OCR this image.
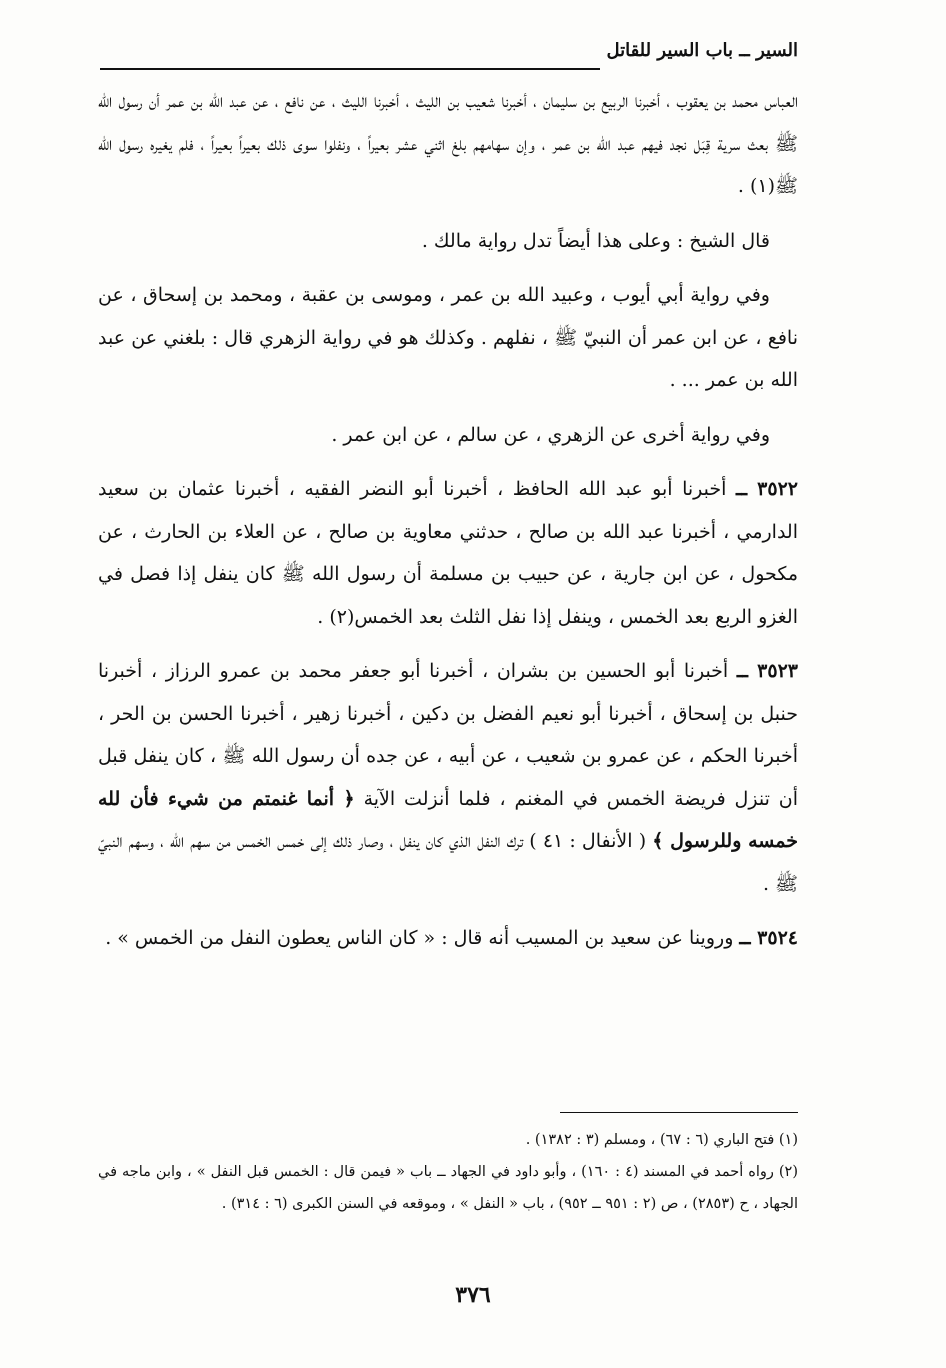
السير ــ باب السير للقاتل

العباس محمد بن يعقوب ، أخبرنا الربيع بن سليمان ، أخبرنا شعيب بن الليث ، أخبرنا الليث ، عن نافع ، عن عبد الله بن عمر أن رسول الله ﷺ بعث سرية قِبَل نجد فيهم عبد الله بن عمر ، وإن سهامهم بلغ اثني عشر بعيراً ، ونفلوا سوى ذلك بعيراً بعيراً ، فلم يغيره رسول الله ﷺ(١) .

قال الشيخ : وعلى هذا أيضاً تدل رواية مالك .

وفي رواية أبي أيوب ، وعبيد الله بن عمر ، وموسى بن عقبة ، ومحمد بن إسحاق ، عن نافع ، عن ابن عمر أن النبيّ ﷺ ، نفلهم . وكذلك هو في رواية الزهري قال : بلغني عن عبد الله بن عمر ... .

وفي رواية أخرى عن الزهري ، عن سالم ، عن ابن عمر .

٣٥٢٢ ــ أخبرنا أبو عبد الله الحافظ ، أخبرنا أبو النضر الفقيه ، أخبرنا عثمان بن سعيد الدارمي ، أخبرنا عبد الله بن صالح ، حدثني معاوية بن صالح ، عن العلاء بن الحارث ، عن مكحول ، عن ابن جارية ، عن حبيب بن مسلمة أن رسول الله ﷺ كان ينفل إذا فصل في الغزو الربع بعد الخمس ، وينفل إذا نفل الثلث بعد الخمس(٢) .

٣٥٢٣ ــ أخبرنا أبو الحسين بن بشران ، أخبرنا أبو جعفر محمد بن عمرو الرزاز ، أخبرنا حنبل بن إسحاق ، أخبرنا أبو نعيم الفضل بن دكين ، أخبرنا زهير ، أخبرنا الحسن بن الحر ، أخبرنا الحكم ، عن عمرو بن شعيب ، عن أبيه ، عن جده أن رسول الله ﷺ ، كان ينفل قبل أن تنزل فريضة الخمس في المغنم ، فلما أنزلت الآية ﴿ أنما غنمتم من شيء فأن لله خمسه وللرسول ﴾ ( الأنفال : ٤١ ) ترك النفل الذي كان ينفل ، وصار ذلك إلى خمس الخمس من سهم الله ، وسهم النبيّ ﷺ .

٣٥٢٤ ــ وروينا عن سعيد بن المسيب أنه قال : « كان الناس يعطون النفل من الخمس » .

(١) فتح الباري (٦ : ٦٧) ، ومسلم (٣ : ١٣٨٢) .

(٢) رواه أحمد في المسند (٤ : ١٦٠) ، وأبو داود في الجهاد ــ باب « فيمن قال : الخمس قبل النفل » ، وابن ماجه في الجهاد ، ح (٢٨٥٣) ، ص (٢ : ٩٥١ ــ ٩٥٢) ، باب « النفل » ، وموقعه في السنن الكبرى (٦ : ٣١٤) .

٣٧٦
